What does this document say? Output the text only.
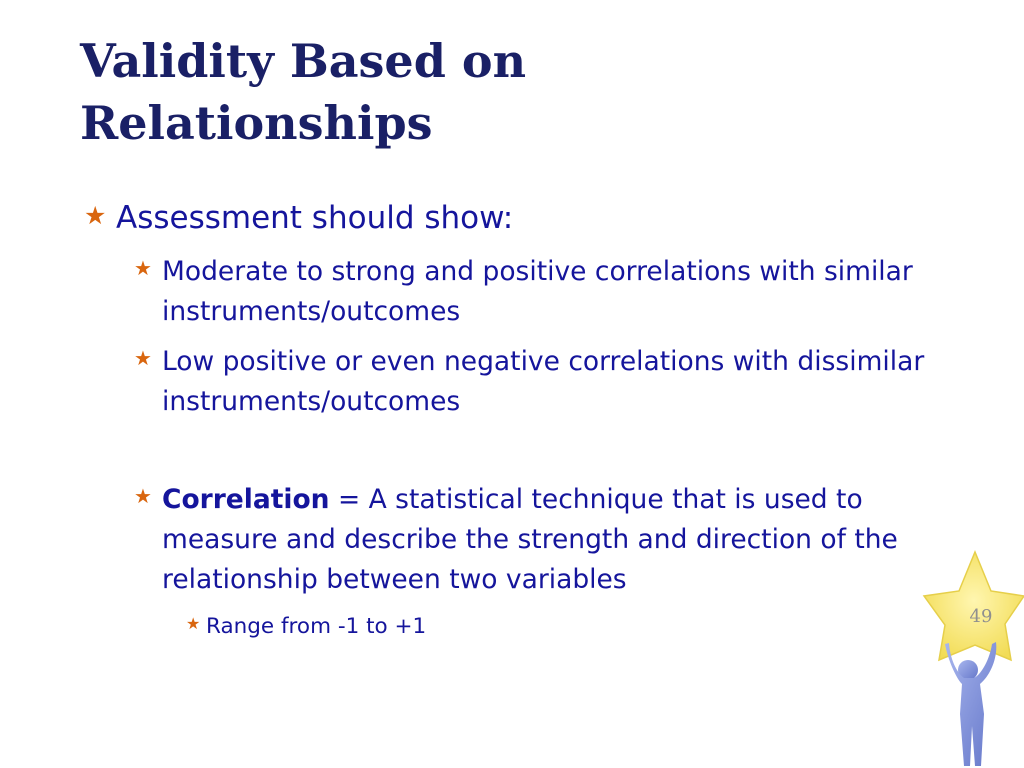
Validity Based on Relationships
★ Assessment should show:
★ Moderate to strong and positive correlations with similar instruments/outcomes
★ Low positive or even negative correlations with dissimilar instruments/outcomes
★ Correlation = A statistical technique that is used to measure and describe the strength and direction of the relationship between two variables
★ Range from -1 to +1	49
